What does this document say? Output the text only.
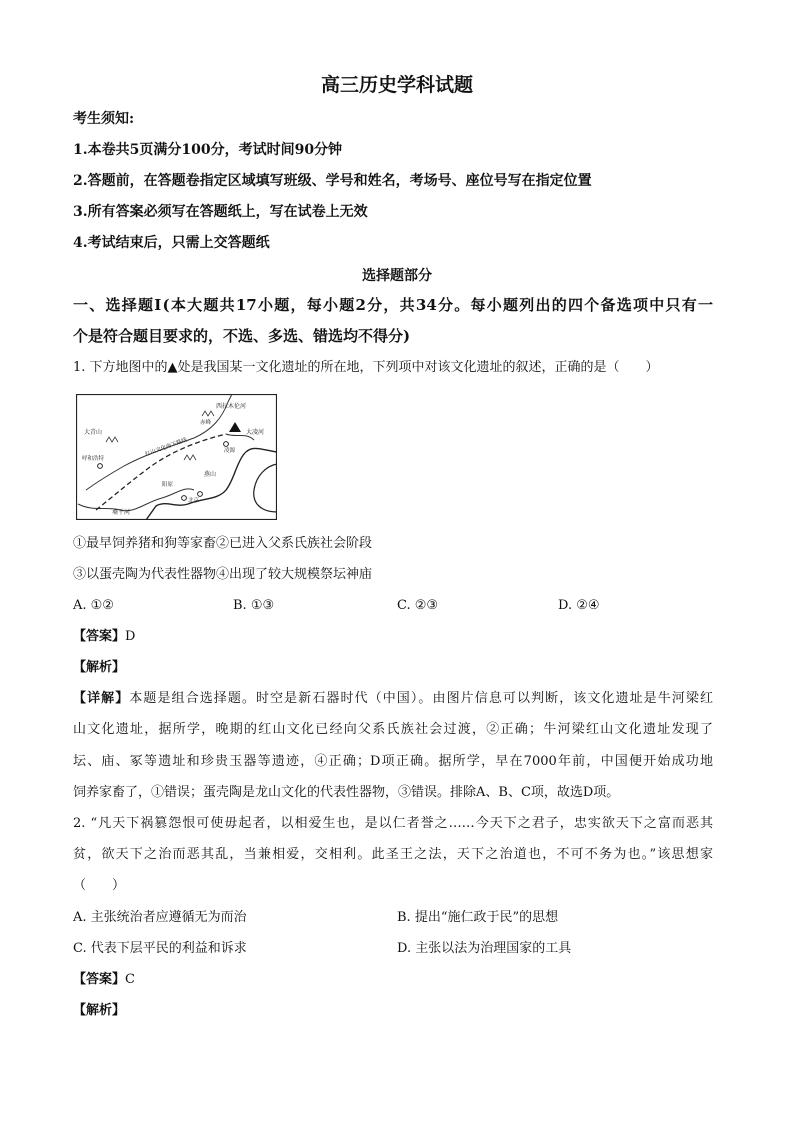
高三历史学科试题
考生须知:
1.本卷共5页满分100分，考试时间90分钟
2.答题前，在答题卷指定区域填写班级、学号和姓名，考场号、座位号写在指定位置
3.所有答案必须写在答题纸上，写在试卷上无效
4.考试结束后，只需上交答题纸
选择题部分
一、选择题Ⅰ(本大题共17小题，每小题2分，共34分。每小题列出的四个备选项中只有一
个是符合题目要求的，不选、多选、错选均不得分)
1. 下方地图中的▲处是我国某一文化遗址的所在地，下列项中对该文化遗址的叙述，正确的是（　　）
西拉木伦河
赤峰
凌源
大凌河
红山文化南下路线
大青山
呼和浩特
阳原
北京
燕山
桑干河
①最早饲养猪和狗等家畜②已进入父系氏族社会阶段
③以蛋壳陶为代表性器物④出现了较大规模祭坛神庙
A. ①②	B. ①③	C. ②③	D. ②④
【答案】D
【解析】
【详解】本题是组合选择题。时空是新石器时代（中国）。由图片信息可以判断，该文化遗址是牛河梁红
山文化遗址，据所学，晚期的红山文化已经向父系氏族社会过渡，②正确；牛河梁红山文化遗址发现了
坛、庙、冢等遗址和珍贵玉器等遗迹，④正确；D项正确。据所学，早在7000年前，中国便开始成功地
饲养家畜了，①错误；蛋壳陶是龙山文化的代表性器物，③错误。排除A、B、C项，故选D项。
2. “凡天下祸篡怨恨可使毋起者，以相爱生也，是以仁者誉之……今天下之君子，忠实欲天下之富而恶其
贫，欲天下之治而恶其乱，当兼相爱，交相利。此圣王之法，天下之治道也，不可不务为也。”该思想家
（　　）
A. 主张统治者应遵循无为而治	B. 提出“施仁政于民”的思想
C. 代表下层平民的利益和诉求	D. 主张以法为治理国家的工具
【答案】C
【解析】
